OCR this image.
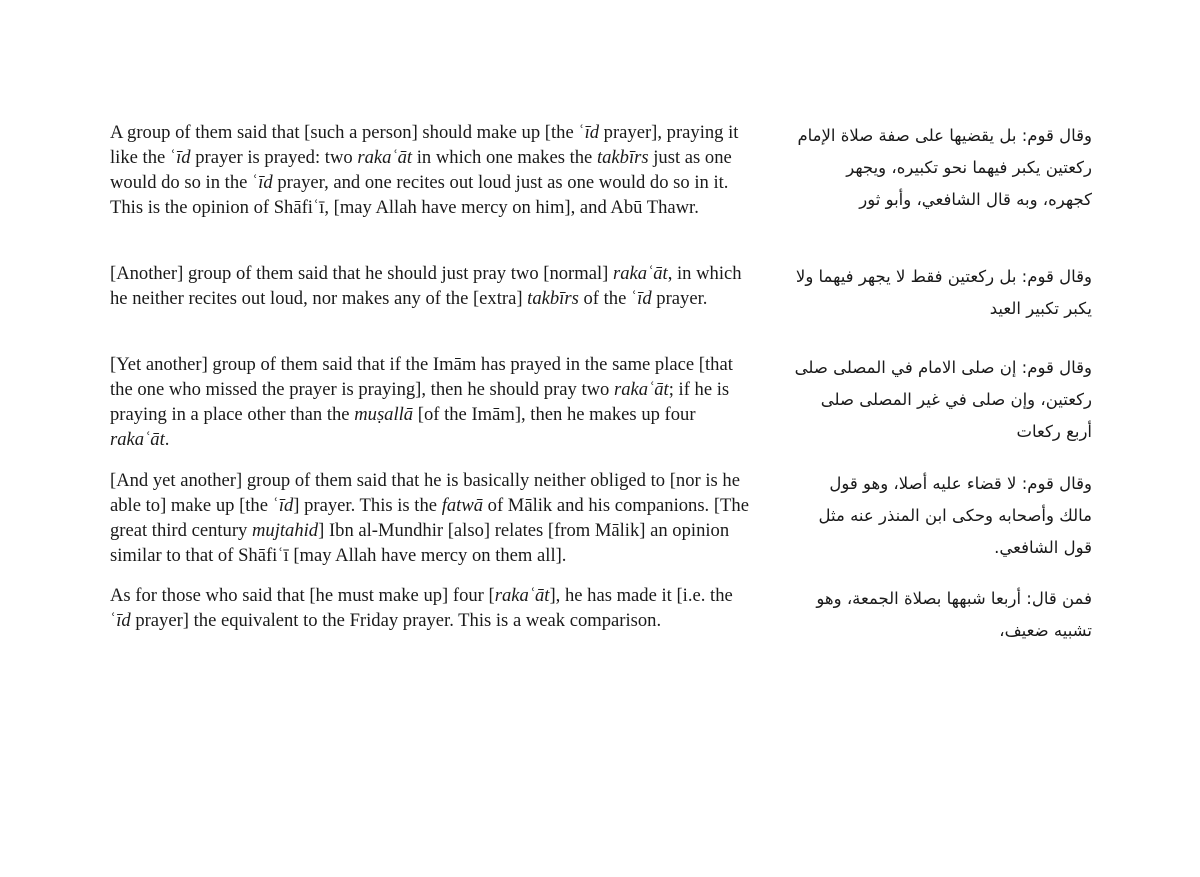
A group of them said that [such a person] should make up [the ʿīd prayer], praying it like the ʿīd prayer is prayed: two rakaʿāt in which one makes the takbīrs just as one would do so in the ʿīd prayer, and one recites out loud just as one would do so in it. This is the opinion of Shāfiʿī, [may Allah have mercy on him], and Abū Thawr.

وقال قوم: بل يقضيها على صفة صلاة الإمام ركعتين يكبر فيهما نحو تكبيره، ويجهر كجهره، وبه قال الشافعي، وأبو ثور

[Another] group of them said that he should just pray two [normal] rakaʿāt, in which he neither recites out loud, nor makes any of the [extra] takbīrs of the ʿīd prayer.

وقال قوم: بل ركعتين فقط لا يجهر فيهما ولا يكبر تكبير العيد

[Yet another] group of them said that if the Imām has prayed in the same place [that the one who missed the prayer is praying], then he should pray two rakaʿāt; if he is praying in a place other than the muṣallā [of the Imām], then he makes up four rakaʿāt.

وقال قوم: إن صلى الامام في المصلى صلى ركعتين، وإن صلى في غير المصلى صلى أربع ركعات

[And yet another] group of them said that he is basically neither obliged to [nor is he able to] make up [the ʿīd] prayer. This is the fatwā of Mālik and his companions. [The great third century mujtahid] Ibn al-Mundhir [also] relates [from Mālik] an opinion similar to that of Shāfiʿī [may Allah have mercy on them all].

وقال قوم: لا قضاء عليه أصلا، وهو قول مالك وأصحابه وحكى ابن المنذر عنه مثل قول الشافعي.

As for those who said that [he must make up] four [rakaʿāt], he has made it [i.e. the ʿīd prayer] the equivalent to the Friday prayer. This is a weak comparison.

فمن قال: أربعا شبهها بصلاة الجمعة، وهو تشبيه ضعيف،
